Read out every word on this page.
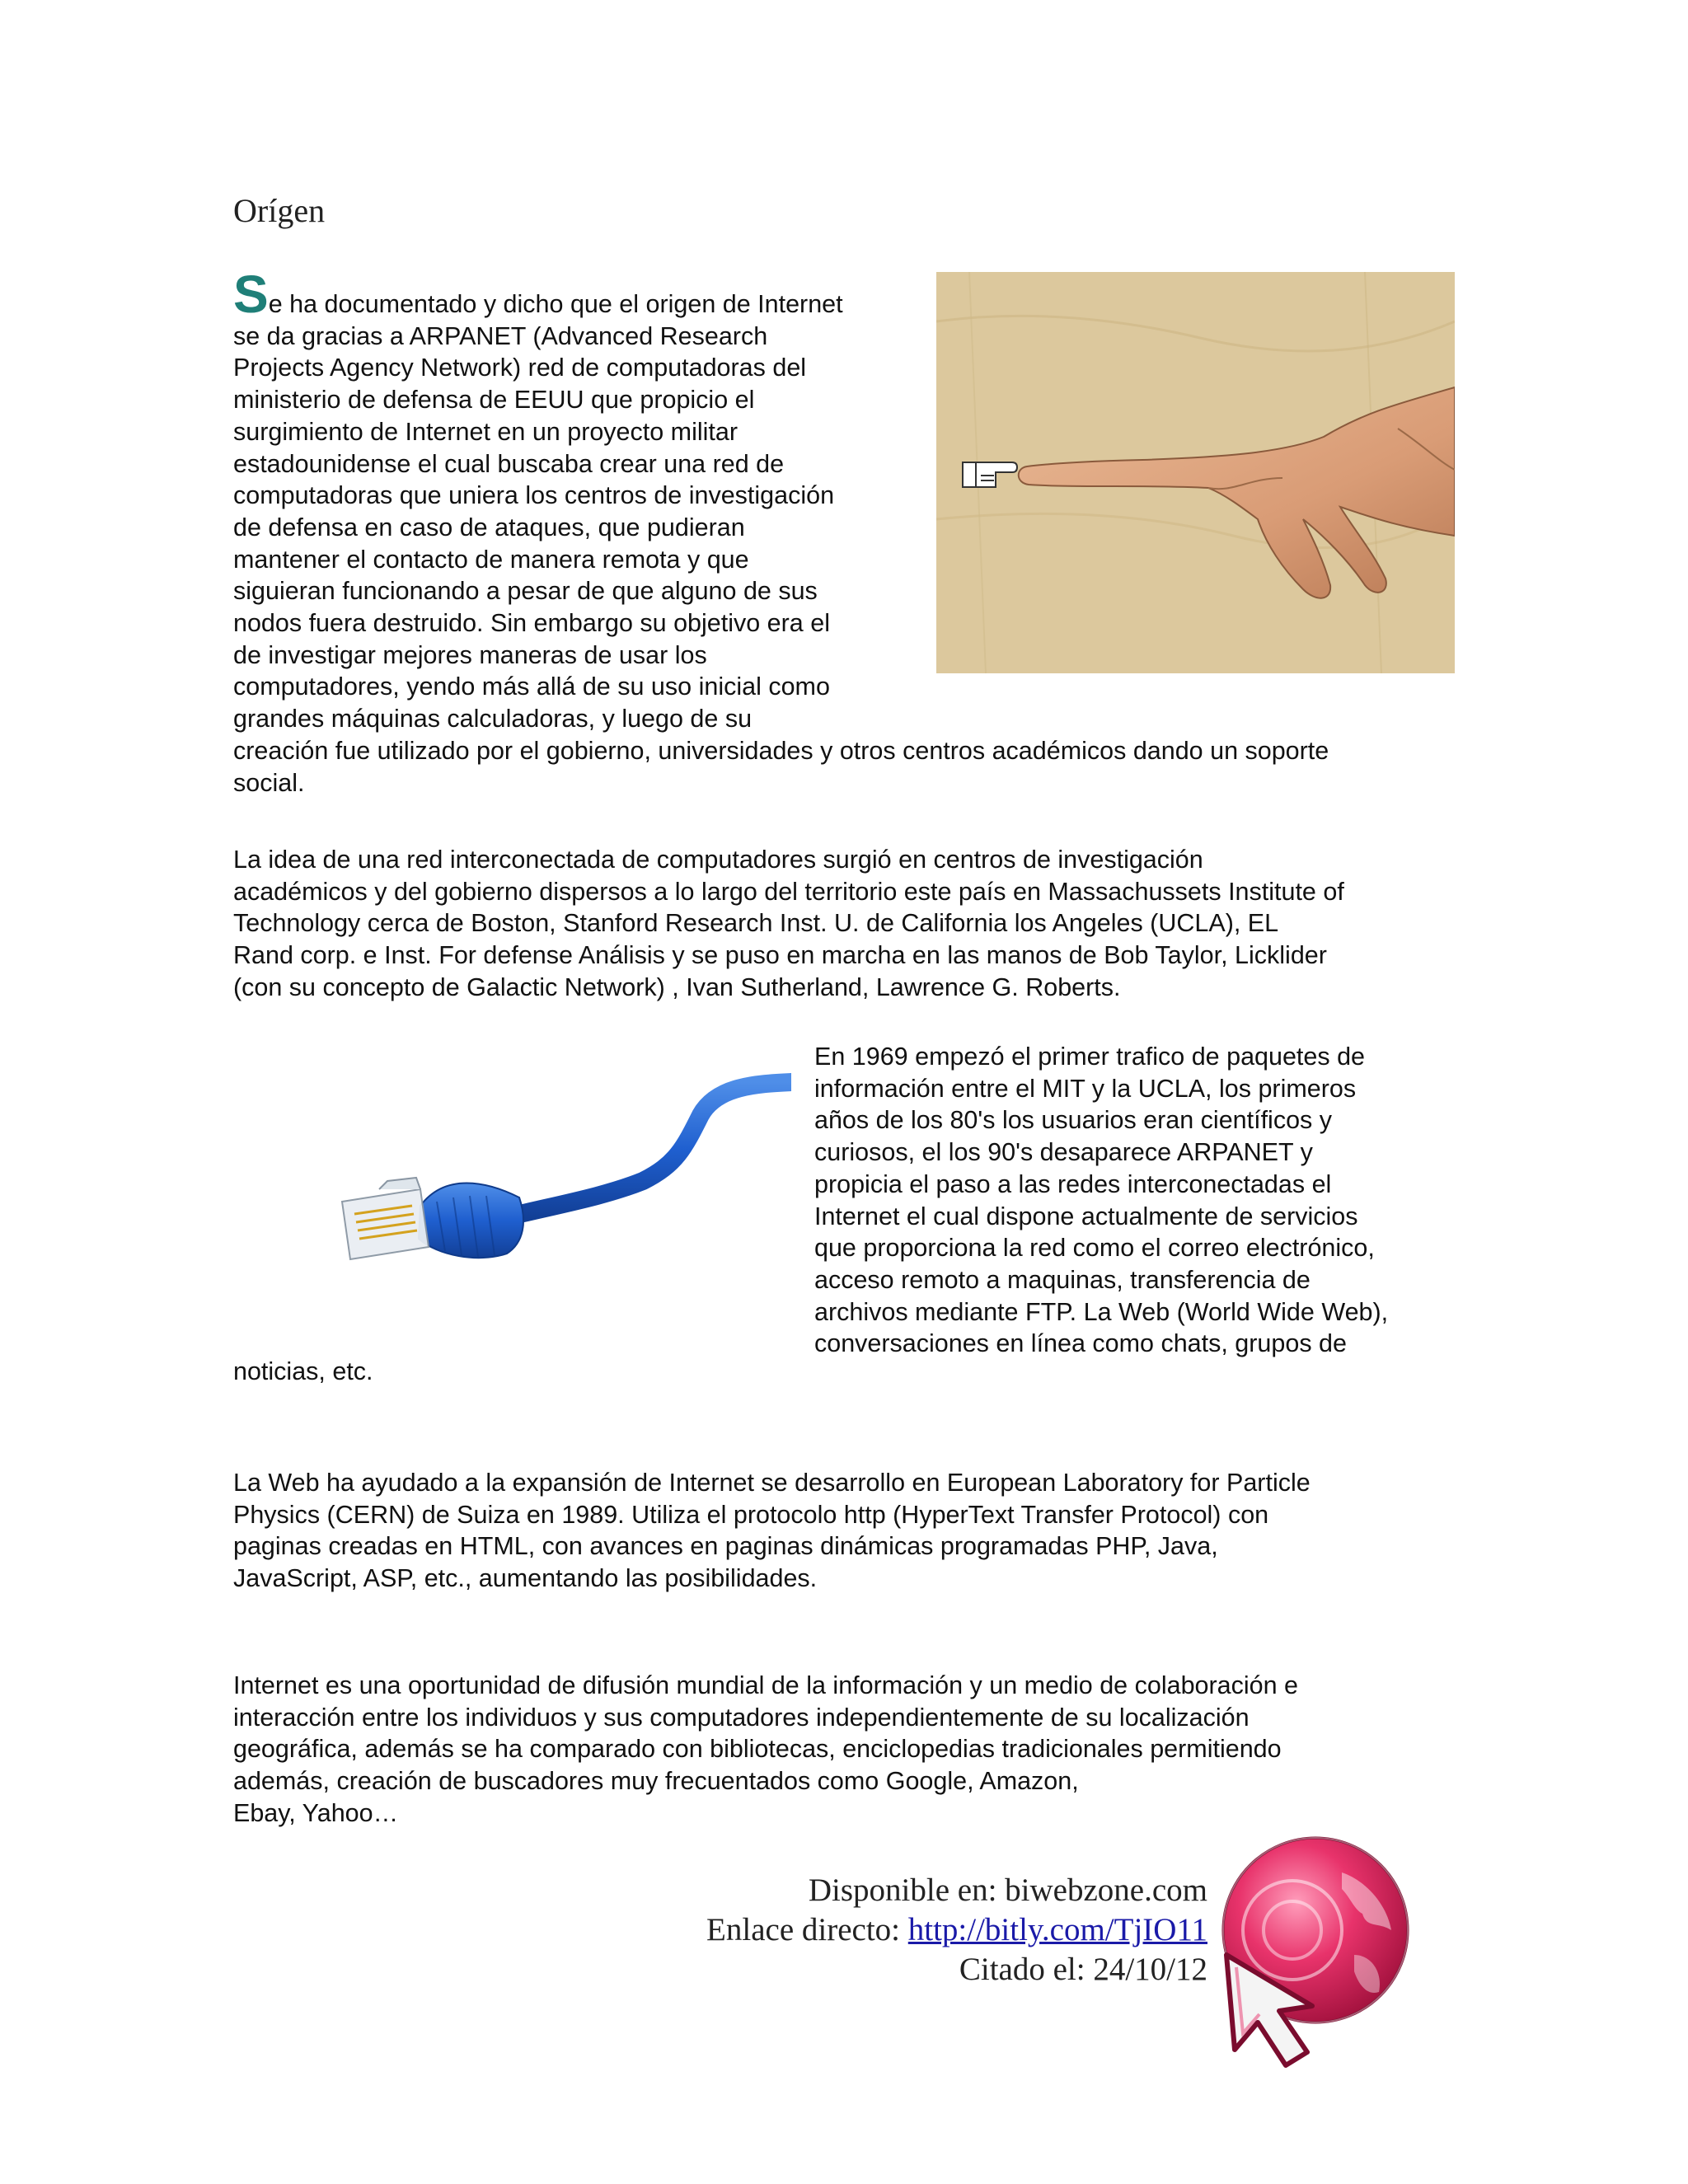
Orígen
Se ha documentado y dicho que el origen de Internet
se da gracias a ARPANET (Advanced Research
Projects Agency Network) red de computadoras del
ministerio de defensa de EEUU que propicio el
surgimiento de Internet en un proyecto militar
estadounidense el cual buscaba crear una red de
computadoras que uniera los centros de investigación
de defensa en caso de ataques, que pudieran
mantener el contacto de manera remota y que
siguieran funcionando a pesar de que alguno de sus
nodos fuera destruido. Sin embargo su objetivo era el
de investigar mejores maneras de usar los
computadores, yendo más allá de su uso inicial como
grandes máquinas calculadoras, y luego de su
creación fue utilizado por el gobierno, universidades y otros centros académicos dando un soporte
social.
La idea de una red interconectada de computadores surgió en centros de investigación
académicos y del gobierno dispersos a lo largo del territorio este país en Massachussets Institute of
Technology cerca de Boston, Stanford Research Inst. U. de California los Angeles (UCLA), EL
Rand corp. e Inst. For defense Análisis y se puso en marcha en las manos de Bob Taylor, Licklider
(con su concepto de Galactic Network) , Ivan Sutherland, Lawrence G. Roberts.
En 1969 empezó el primer trafico de paquetes de
información entre el MIT y la UCLA, los primeros
años de los 80's los usuarios eran científicos y
curiosos, el los 90's desaparece ARPANET y
propicia el paso a las redes interconectadas el
Internet el cual dispone actualmente de servicios
que proporciona la red como el correo electrónico,
acceso remoto a maquinas, transferencia de
archivos mediante FTP. La Web (World Wide Web),
conversaciones en línea como chats, grupos de
noticias, etc.
La Web ha ayudado a la expansión de Internet se desarrollo en European Laboratory for Particle
Physics (CERN) de Suiza en 1989. Utiliza el protocolo http (HyperText Transfer Protocol) con
paginas creadas en HTML, con avances en paginas dinámicas programadas PHP, Java,
JavaScript, ASP, etc., aumentando las posibilidades.
Internet es una oportunidad de difusión mundial de la información y un medio de colaboración e
interacción entre los individuos y sus computadores independientemente de su localización
geográfica, además se ha comparado con bibliotecas, enciclopedias tradicionales permitiendo
además, creación de buscadores muy frecuentados como Google, Amazon,
Ebay, Yahoo…
Disponible en: biwebzone.com
Enlace directo: http://bitly.com/TjIO11
Citado el: 24/10/12
